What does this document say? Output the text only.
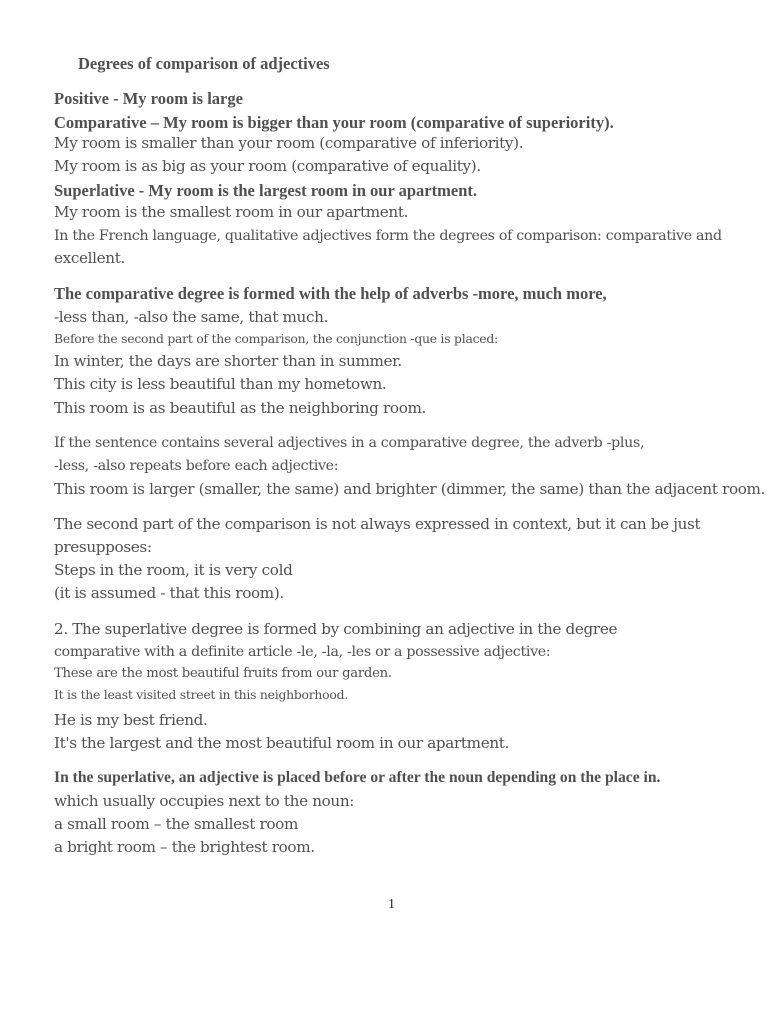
Degrees of comparison of adjectives
Positive - My room is large
Comparative – My room is bigger than your room (comparative of superiority).
My room is smaller than your room (comparative of inferiority).
My room is as big as your room (comparative of equality).
Superlative - My room is the largest room in our apartment.
My room is the smallest room in our apartment.
In the French language, qualitative adjectives form the degrees of comparison: comparative and
excellent.
The comparative degree is formed with the help of adverbs -more, much more,
-less than, -also the same, that much.
Before the second part of the comparison, the conjunction -que is placed:
In winter, the days are shorter than in summer.
This city is less beautiful than my hometown.
This room is as beautiful as the neighboring room.
If the sentence contains several adjectives in a comparative degree, the adverb -plus,
-less, -also repeats before each adjective:
This room is larger (smaller, the same) and brighter (dimmer, the same) than the adjacent room.
The second part of the comparison is not always expressed in context, but it can be just
presupposes:
Steps in the room, it is very cold
(it is assumed - that this room).
2. The superlative degree is formed by combining an adjective in the degree
comparative with a definite article -le, -la, -les or a possessive adjective:
These are the most beautiful fruits from our garden.
It is the least visited street in this neighborhood.
He is my best friend.
It's the largest and the most beautiful room in our apartment.
In the superlative, an adjective is placed before or after the noun depending on the place in.
which usually occupies next to the noun:
a small room – the smallest room
a bright room – the brightest room.
1
